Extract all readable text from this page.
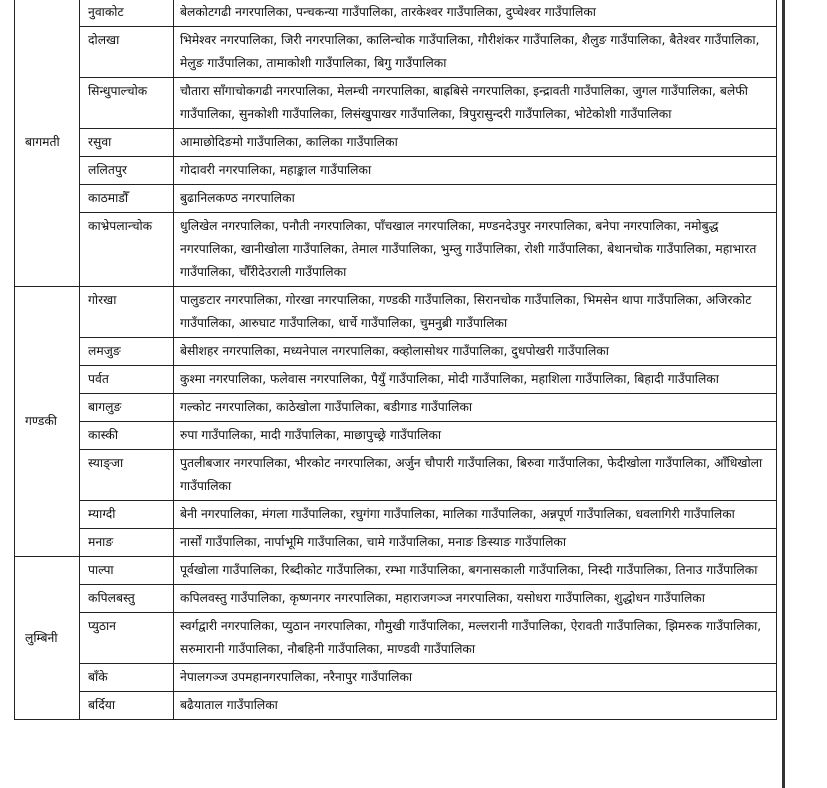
बागमती	नुवाकोट	बेलकोटगढी नगरपालिका, पन्चकन्या गाउँपालिका, तारकेश्वर गाउँपालिका, दुप्चेश्वर गाउँपालिका
	दोलखा	भिमेश्वर नगरपालिका, जिरी नगरपालिका, कालिन्चोक गाउँपालिका, गौरीशंकर गाउँपालिका, शैलुङ गाउँपालिका, बैतेश्वर गाउँपालिका, मेलुङ गाउँपालिका, तामाकोशी गाउँपालिका, बिगु गाउँपालिका
	सिन्धुपाल्चोक	चौतारा साँगाचोकगढी नगरपालिका, मेलम्ची नगरपालिका, बाह्रबिसे नगरपालिका, इन्द्रावती गाउँपालिका, जुगल गाउँपालिका, बलेफी गाउँपालिका, सुनकोशी गाउँपालिका, लिसंखुपाखर गाउँपालिका, त्रिपुरासुन्दरी गाउँपालिका, भोटेकोशी गाउँपालिका
	रसुवा	आमाछोदिङमो गाउँपालिका, कालिका गाउँपालिका
	ललितपुर	गोदावरी नगरपालिका, महाङ्काल गाउँपालिका
	काठमाडौँ	बुढानिलकण्ठ नगरपालिका
	काभ्रेपलान्चोक	धुलिखेल नगरपालिका, पनौती नगरपालिका, पाँचखाल नगरपालिका, मण्डनदेउपुर नगरपालिका, बनेपा नगरपालिका, नमोबुद्ध नगरपालिका, खानीखोला गाउँपालिका, तेमाल गाउँपालिका, भुम्लु गाउँपालिका, रोशी गाउँपालिका, बेथानचोक गाउँपालिका, महाभारत गाउँपालिका, चौँरीदेउराली गाउँपालिका
गण्डकी	गोरखा	पालुङटार नगरपालिका, गोरखा नगरपालिका, गण्डकी गाउँपालिका, सिरानचोक गाउँपालिका, भिमसेन थापा गाउँपालिका, अजिरकोट गाउँपालिका, आरुघाट गाउँपालिका, धार्चे गाउँपालिका, चुमनुब्री गाउँपालिका
	लमजुङ	बेसीशहर नगरपालिका, मध्यनेपाल नगरपालिका, क्व्होलासोथर गाउँपालिका, दुधपोखरी गाउँपालिका
	पर्वत	कुश्मा नगरपालिका, फलेवास नगरपालिका, पैयुँ गाउँपालिका, मोदी गाउँपालिका, महाशिला गाउँपालिका, बिहादी गाउँपालिका
	बागलुङ	गल्कोट नगरपालिका, काठेखोला गाउँपालिका, बडीगाड गाउँपालिका
	कास्की	रुपा गाउँपालिका, मादी गाउँपालिका, माछापुच्छ्रे गाउँपालिका
	स्याङ्जा	पुतलीबजार नगरपालिका, भीरकोट नगरपालिका, अर्जुन चौपारी गाउँपालिका, बिरुवा गाउँपालिका, फेदीखोला गाउँपालिका, आँधिखोला गाउँपालिका
	म्याग्दी	बेनी नगरपालिका, मंगला गाउँपालिका, रघुगंगा गाउँपालिका, मालिका गाउँपालिका, अन्नपूर्ण गाउँपालिका, धवलागिरी गाउँपालिका
	मनाङ	नार्सों गाउँपालिका, नार्पाभूमि गाउँपालिका, चामे गाउँपालिका, मनाङ ङिस्याङ गाउँपालिका
लुम्बिनी	पाल्पा	पूर्वखोला गाउँपालिका, रिब्दीकोट गाउँपालिका, रम्भा गाउँपालिका, बगनासकाली गाउँपालिका, निस्दी गाउँपालिका, तिनाउ गाउँपालिका
	कपिलबस्तु	कपिलवस्तु गाउँपालिका, कृष्णनगर नगरपालिका, महाराजगञ्ज नगरपालिका, यसोधरा गाउँपालिका, शुद्धोधन गाउँपालिका
	प्युठान	स्वर्गद्वारी नगरपालिका, प्युठान नगरपालिका, गौमुखी गाउँपालिका, मल्लरानी गाउँपालिका, ऐरावती गाउँपालिका, झिमरुक गाउँपालिका, सरुमारानी गाउँपालिका, नौबहिनी गाउँपालिका, माण्डवी गाउँपालिका
	बाँके	नेपालगञ्ज उपमहानगरपालिका, नरैनापुर गाउँपालिका
	बर्दिया	बढैयाताल गाउँपालिका
